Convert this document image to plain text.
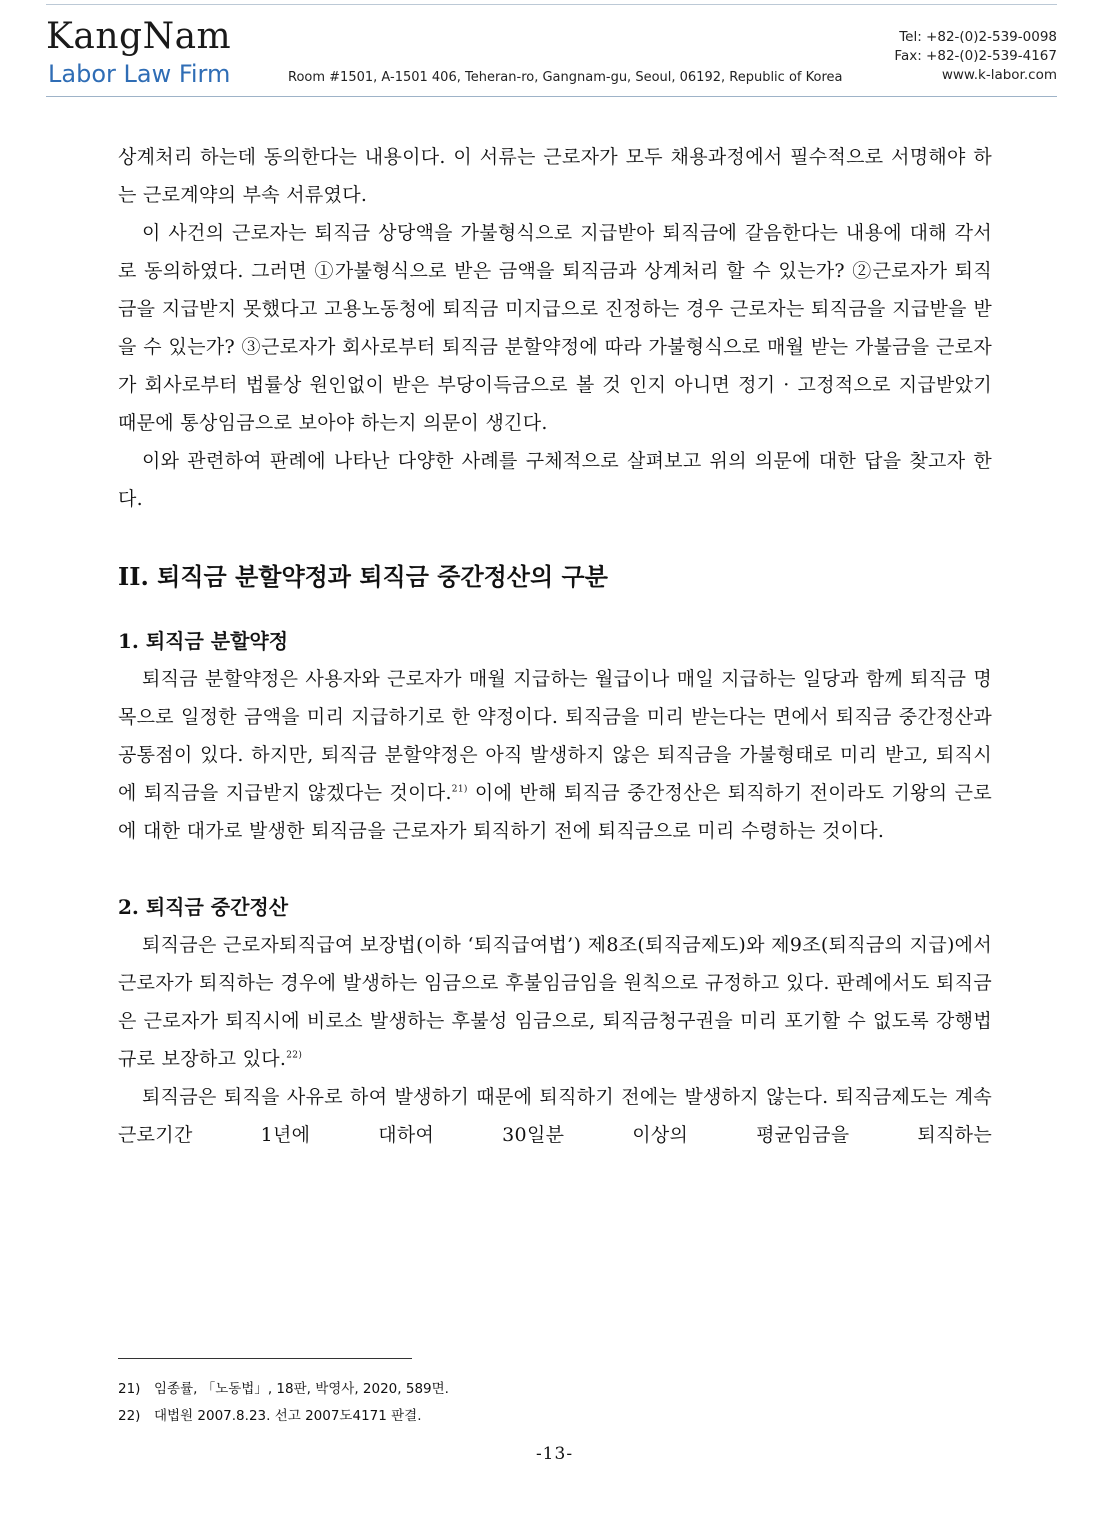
KangNam
Labor Law Firm	Room #1501, A-1501 406, Teheran-ro, Gangnam-gu, Seoul, 06192, Republic of Korea
Tel: +82-(0)2-539-0098
Fax: +82-(0)2-539-4167
www.k-labor.com

상계처리 하는데 동의한다는 내용이다. 이 서류는 근로자가 모두 채용과정에서 필수적으로 서명해야 하는 근로계약의 부속 서류였다.

이 사건의 근로자는 퇴직금 상당액을 가불형식으로 지급받아 퇴직금에 갈음한다는 내용에 대해 각서로 동의하였다. 그러면 ①가불형식으로 받은 금액을 퇴직금과 상계처리 할 수 있는가? ②근로자가 퇴직금을 지급받지 못했다고 고용노동청에 퇴직금 미지급으로 진정하는 경우 근로자는 퇴직금을 지급받을 받을 수 있는가? ③근로자가 회사로부터 퇴직금 분할약정에 따라 가불형식으로 매월 받는 가불금을 근로자가 회사로부터 법률상 원인없이 받은 부당이득금으로 볼 것 인지 아니면 정기 · 고정적으로 지급받았기 때문에 통상임금으로 보아야 하는지 의문이 생긴다.

이와 관련하여 판례에 나타난 다양한 사례를 구체적으로 살펴보고 위의 의문에 대한 답을 찾고자 한다.

II. 퇴직금 분할약정과 퇴직금 중간정산의 구분
1. 퇴직금 분할약정

퇴직금 분할약정은 사용자와 근로자가 매월 지급하는 월급이나 매일 지급하는 일당과 함께 퇴직금 명목으로 일정한 금액을 미리 지급하기로 한 약정이다. 퇴직금을 미리 받는다는 면에서 퇴직금 중간정산과 공통점이 있다. 하지만, 퇴직금 분할약정은 아직 발생하지 않은 퇴직금을 가불형태로 미리 받고, 퇴직시에 퇴직금을 지급받지 않겠다는 것이다.$^{21)}$ 이에 반해 퇴직금 중간정산은 퇴직하기 전이라도 기왕의 근로에 대한 대가로 발생한 퇴직금을 근로자가 퇴직하기 전에 퇴직금으로 미리 수령하는 것이다.

2. 퇴직금 중간정산

퇴직금은 근로자퇴직급여 보장법(이하 ‘퇴직급여법’) 제8조(퇴직금제도)와 제9조(퇴직금의 지급)에서 근로자가 퇴직하는 경우에 발생하는 임금으로 후불임금임을 원칙으로 규정하고 있다. 판례에서도 퇴직금은 근로자가 퇴직시에 비로소 발생하는 후불성 임금으로, 퇴직금청구권을 미리 포기할 수 없도록 강행법규로 보장하고 있다.$^{22)}$

퇴직금은 퇴직을 사유로 하여 발생하기 때문에 퇴직하기 전에는 발생하지 않는다. 퇴직금제도는 계속근로기간 1년에 대하여 30일분 이상의 평균임금을 퇴직하는

21) 임종률, 「노동법」, 18판, 박영사, 2020, 589면.
22) 대법원 2007.8.23. 선고 2007도4171 판결.
-13-
